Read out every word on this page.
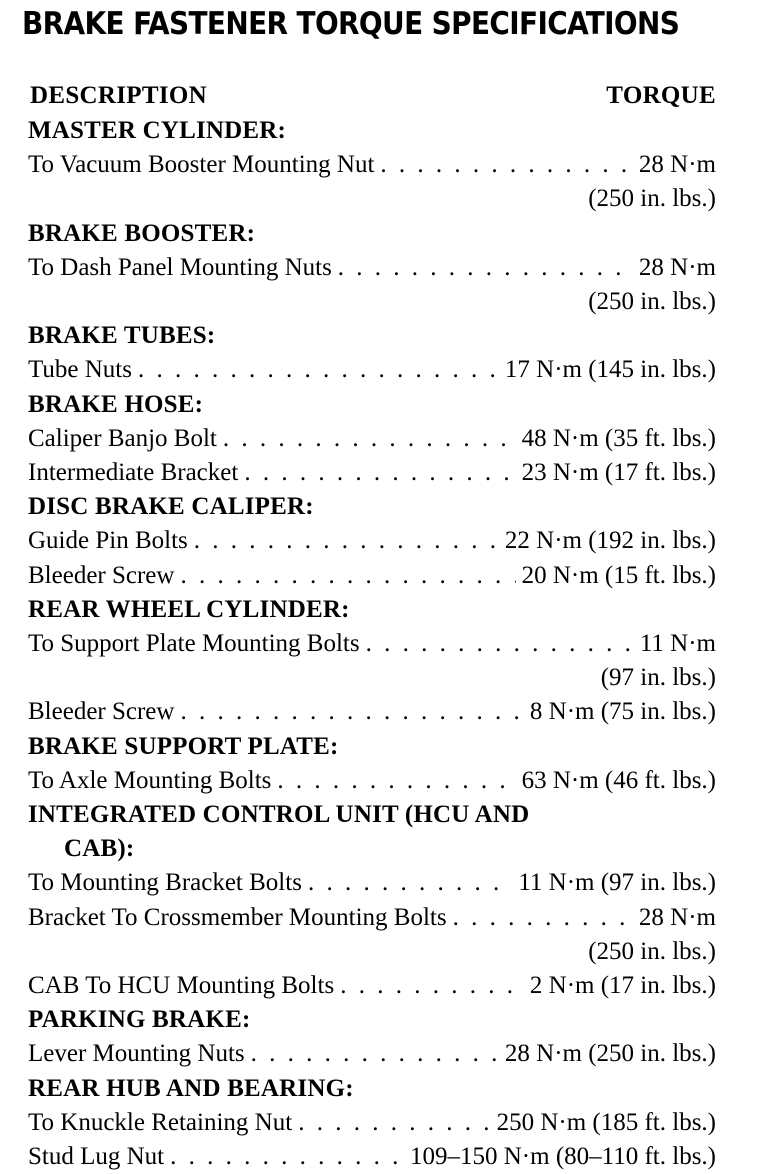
BRAKE FASTENER TORQUE SPECIFICATIONS
DESCRIPTION	TORQUE
MASTER CYLINDER:
To Vacuum Booster Mounting Nut . . .	28 N·m
(250 in. lbs.)
BRAKE BOOSTER:
To Dash Panel Mounting Nuts . . .	28 N·m
(250 in. lbs.)
BRAKE TUBES:
Tube Nuts . . .	17 N·m (145 in. lbs.)
BRAKE HOSE:
Caliper Banjo Bolt . . .	48 N·m (35 ft. lbs.)
Intermediate Bracket . . .	23 N·m (17 ft. lbs.)
DISC BRAKE CALIPER:
Guide Pin Bolts . . .	22 N·m (192 in. lbs.)
Bleeder Screw . . .	20 N·m (15 ft. lbs.)
REAR WHEEL CYLINDER:
To Support Plate Mounting Bolts . . .	11 N·m
(97 in. lbs.)
Bleeder Screw . . .	8 N·m (75 in. lbs.)
BRAKE SUPPORT PLATE:
To Axle Mounting Bolts . . .	63 N·m (46 ft. lbs.)
INTEGRATED CONTROL UNIT (HCU AND
CAB):
To Mounting Bracket Bolts . . .	11 N·m (97 in. lbs.)
Bracket To Crossmember Mounting Bolts . . .	28 N·m
(250 in. lbs.)
CAB To HCU Mounting Bolts . . .	2 N·m (17 in. lbs.)
PARKING BRAKE:
Lever Mounting Nuts . . .	28 N·m (250 in. lbs.)
REAR HUB AND BEARING:
To Knuckle Retaining Nut . . .	250 N·m (185 ft. lbs.)
Stud Lug Nut . . .	109–150 N·m (80–110 ft. lbs.)
